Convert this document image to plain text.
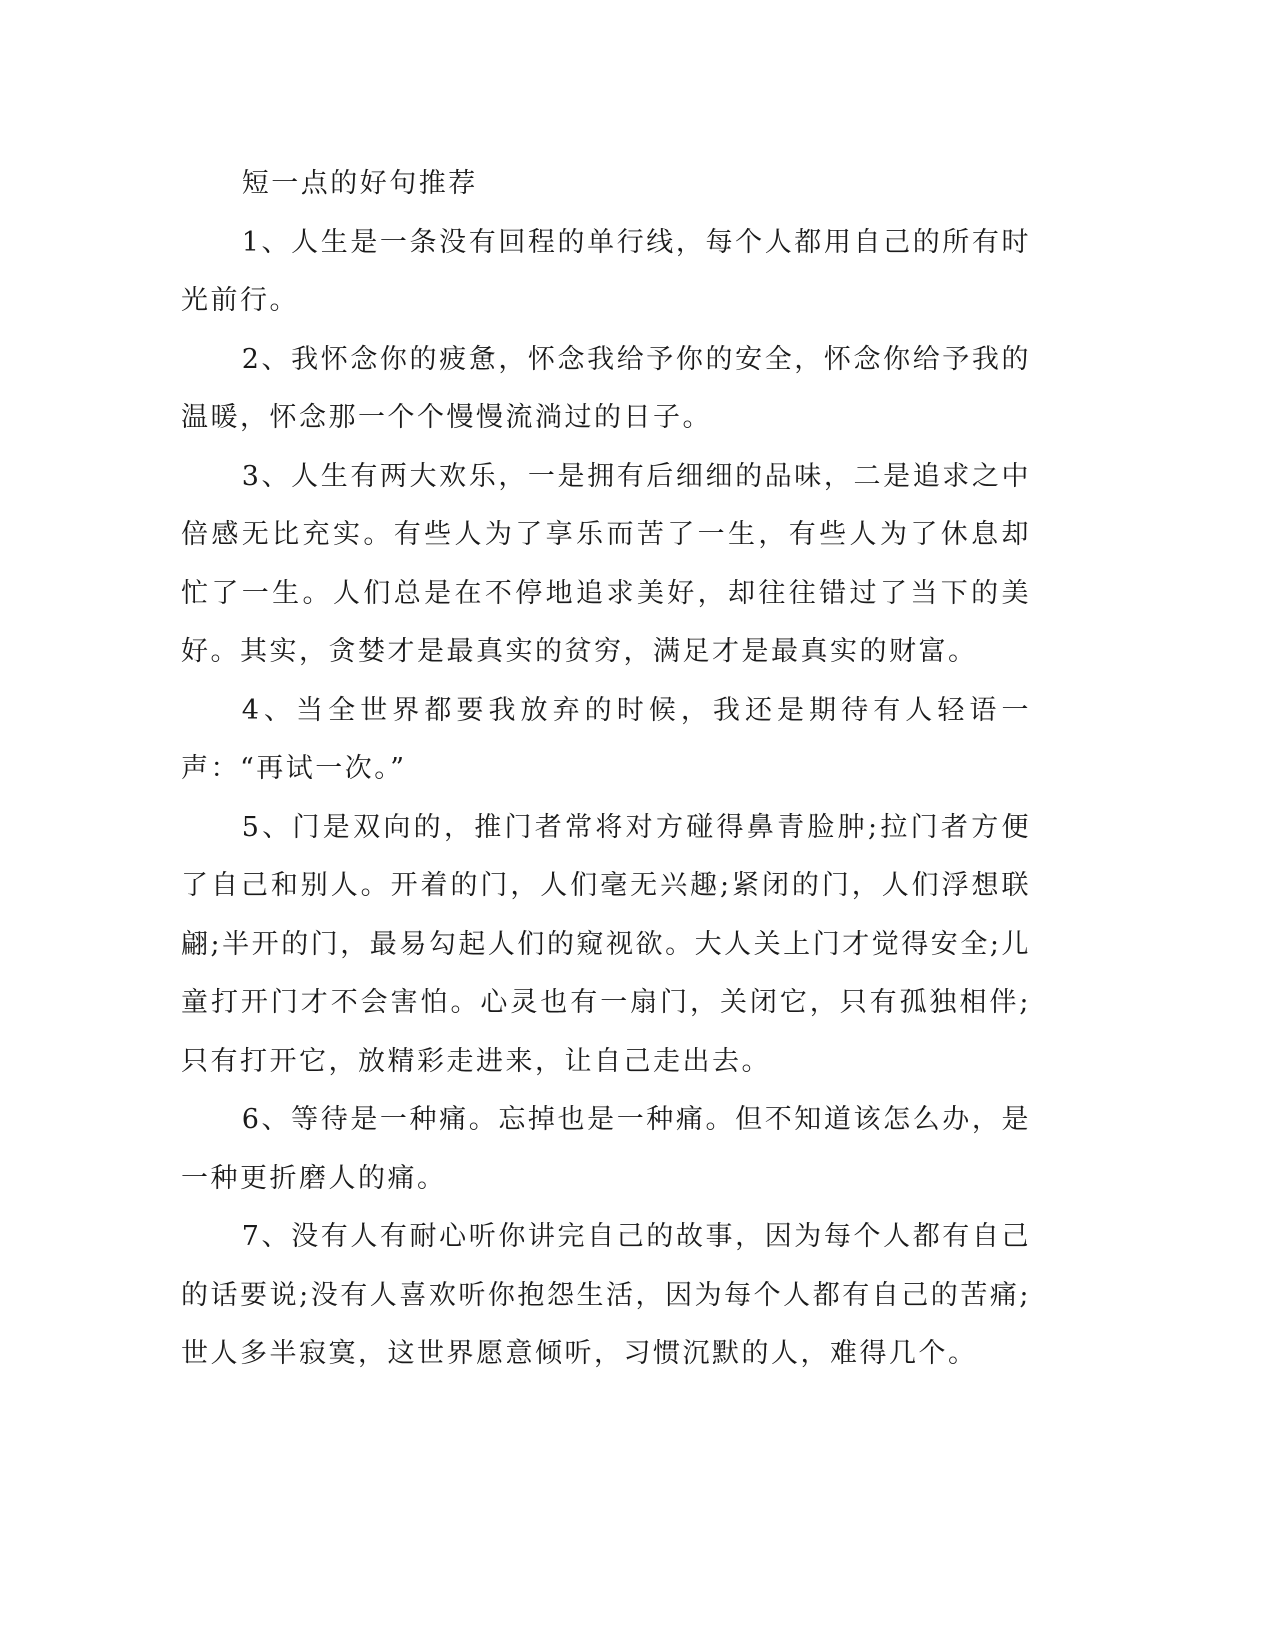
短一点的好句推荐

1、人生是一条没有回程的单行线，每个人都用自己的所有时光前行。

2、我怀念你的疲惫，怀念我给予你的安全，怀念你给予我的温暖，怀念那一个个慢慢流淌过的日子。

3、人生有两大欢乐，一是拥有后细细的品味，二是追求之中倍感无比充实。有些人为了享乐而苦了一生，有些人为了休息却忙了一生。人们总是在不停地追求美好，却往往错过了当下的美好。其实，贪婪才是最真实的贫穷，满足才是最真实的财富。

4、当全世界都要我放弃的时候，我还是期待有人轻语一声：“再试一次。”

5、门是双向的，推门者常将对方碰得鼻青脸肿;拉门者方便了自己和别人。开着的门，人们毫无兴趣;紧闭的门，人们浮想联翩;半开的门，最易勾起人们的窥视欲。大人关上门才觉得安全;儿童打开门才不会害怕。心灵也有一扇门，关闭它，只有孤独相伴;只有打开它，放精彩走进来，让自己走出去。

6、等待是一种痛。忘掉也是一种痛。但不知道该怎么办，是一种更折磨人的痛。

7、没有人有耐心听你讲完自己的故事，因为每个人都有自己的话要说;没有人喜欢听你抱怨生活，因为每个人都有自己的苦痛;世人多半寂寞，这世界愿意倾听，习惯沉默的人，难得几个。
